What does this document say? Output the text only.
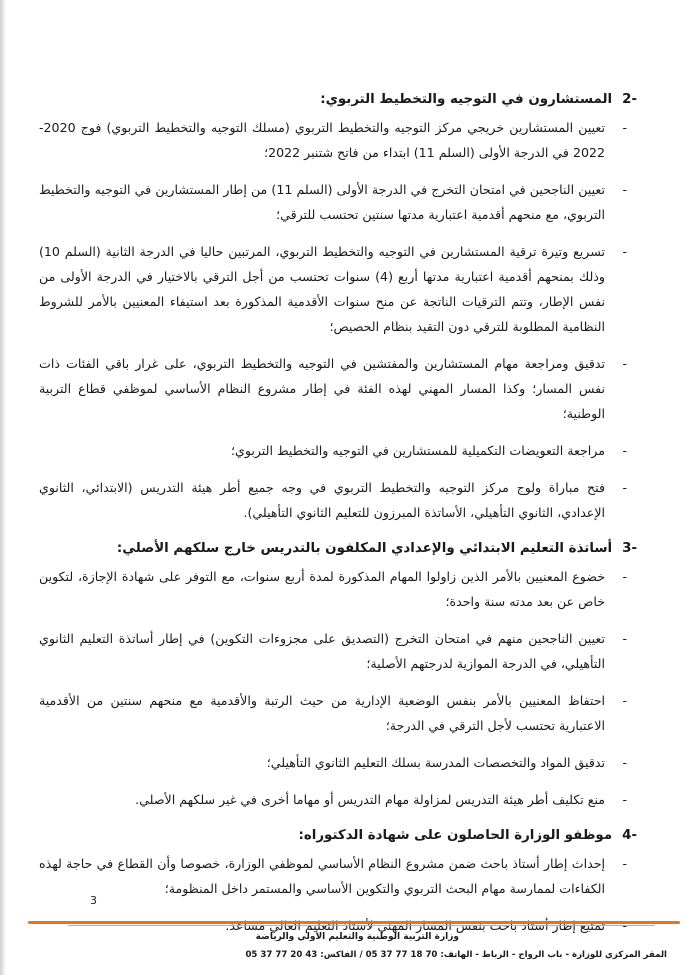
2-
المستشارون في التوجيه والتخطيط التربوي:
- تعيين المستشارين خريجي مركز التوجيه والتخطيط التربوي (مسلك التوجيه والتخطيط التربوي) فوج 2020-2022 في الدرجة الأولى (السلم 11) ابتداء من فاتح شتنبر 2022؛
- تعيين الناجحين في امتحان التخرج في الدرجة الأولى (السلم 11) من إطار المستشارين في التوجيه والتخطيط التربوي، مع منحهم أقدمية اعتبارية مدتها سنتين تحتسب للترقي؛
- تسريع وتيرة ترقية المستشارين في التوجيه والتخطيط التربوي، المرتبين حاليا في الدرجة الثانية (السلم 10) وذلك بمنحهم أقدمية اعتبارية مدتها أربع (4) سنوات تحتسب من أجل الترقي بالاختيار في الدرجة الأولى من نفس الإطار، وتتم الترقيات الناتجة عن منح سنوات الأقدمية المذكورة بعد استيفاء المعنيين بالأمر للشروط النظامية المطلوبة للترقي دون التقيد بنظام الحصيص؛
- تدقيق ومراجعة مهام المستشارين والمفتشين في التوجيه والتخطيط التربوي، على غرار باقي الفئات ذات نفس المسار؛ وكذا المسار المهني لهذه الفئة في إطار مشروع النظام الأساسي لموظفي قطاع التربية الوطنية؛
- مراجعة التعويضات التكميلية للمستشارين في التوجيه والتخطيط التربوي؛
- فتح مباراة ولوج مركز التوجيه والتخطيط التربوي في وجه جميع أطر هيئة التدريس (الابتدائي، الثانوي الإعدادي، الثانوي التأهيلي، الأساتذة المبرزون للتعليم الثانوي التأهيلي).
3-
أساتذة التعليم الابتدائي والإعدادي المكلفون بالتدريس خارج سلكهم الأصلي:
- خضوع المعنيين بالأمر الذين زاولوا المهام المذكورة لمدة أربع سنوات، مع التوفر على شهادة الإجازة، لتكوين خاص عن بعد مدته سنة واحدة؛
- تعيين الناجحين منهم في امتحان التخرج (التصديق على مجزوءات التكوين) في إطار أساتذة التعليم الثانوي التأهيلي، في الدرجة الموازية لدرجتهم الأصلية؛
- احتفاظ المعنيين بالأمر بنفس الوضعية الإدارية من حيث الرتبة والأقدمية مع منحهم سنتين من الأقدمية الاعتبارية تحتسب لأجل الترقي في الدرجة؛
- تدقيق المواد والتخصصات المدرسة بسلك التعليم الثانوي التأهيلي؛
- منع تكليف أطر هيئة التدريس لمزاولة مهام التدريس أو مهاما أخرى في غير سلكهم الأصلي.
4-
موظفو الوزارة الحاصلون على شهادة الدكتوراه:
- إحداث إطار أستاذ باحث ضمن مشروع النظام الأساسي لموظفي الوزارة، خصوصا وأن القطاع في حاجة لهذه الكفاءات لممارسة مهام البحث التربوي والتكوين الأساسي والمستمر داخل المنظومة؛
-
3
وزارة التربية الوطنية والتعليم الأولي والرياضة
المقر المركزي للوزارة - باب الرواح - الرباط - الهاتف: 70 18 77 37 05 / الفاكس: 43 20 77 37 05
